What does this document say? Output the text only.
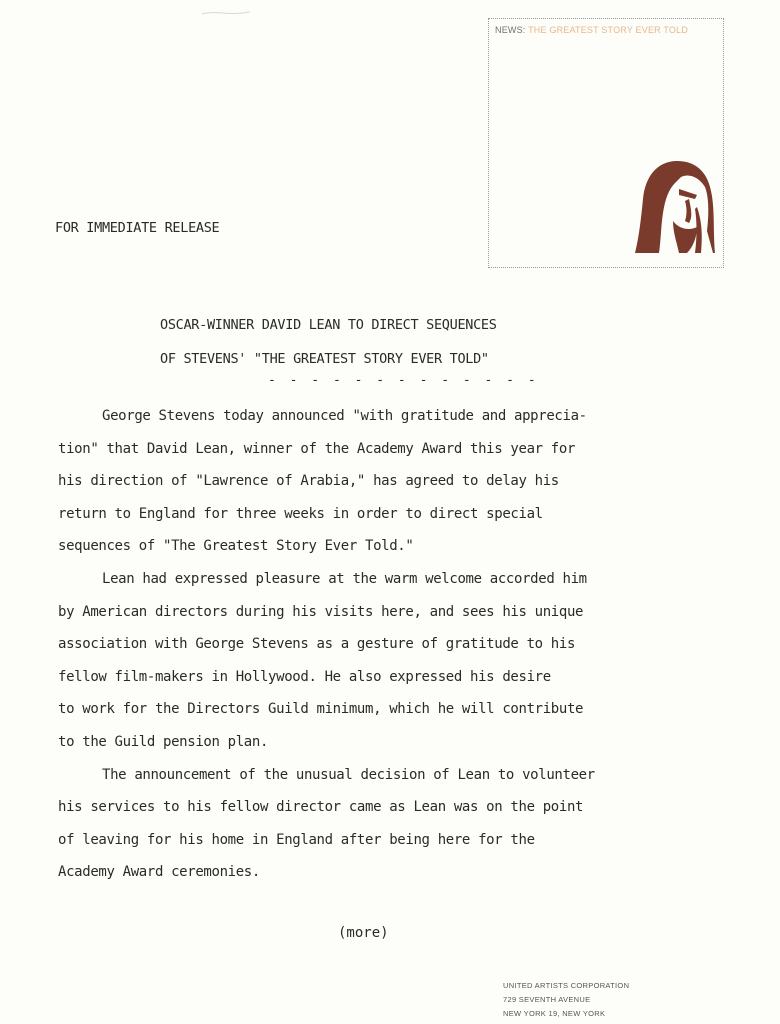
NEWS: THE GREATEST STORY EVER TOLD
FOR IMMEDIATE RELEASE
OSCAR-WINNER DAVID LEAN TO DIRECT SEQUENCES
OF STEVENS' "THE GREATEST STORY EVER TOLD"
- - - - - - - - - - - - -

George Stevens today announced "with gratitude and apprecia-
tion" that David Lean, winner of the Academy Award this year for
his direction of "Lawrence of Arabia," has agreed to delay his
return to England for three weeks in order to direct special
sequences of "The Greatest Story Ever Told."

Lean had expressed pleasure at the warm welcome accorded him
by American directors during his visits here, and sees his unique
association with George Stevens as a gesture of gratitude to his
fellow film-makers in Hollywood. He also expressed his desire
to work for the Directors Guild minimum, which he will contribute
to the Guild pension plan.

The announcement of the unusual decision of Lean to volunteer
his services to his fellow director came as Lean was on the point
of leaving for his home in England after being here for the
Academy Award ceremonies.

(more)
UNITED ARTISTS CORPORATION
729 SEVENTH AVENUE
NEW YORK 19, NEW YORK
